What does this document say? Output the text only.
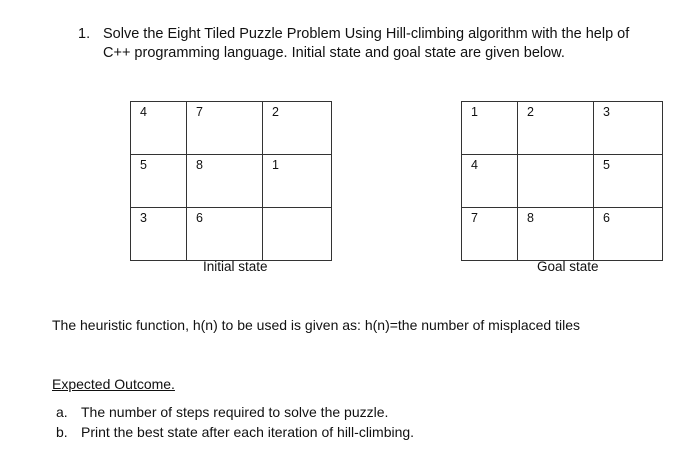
1. Solve the Eight Tiled Puzzle Problem Using Hill-climbing algorithm with the help of
C++ programming language. Initial state and goal state are given below.
4	7	2

5	8	1

3	6	

Initial state
1	2	3

4		5

7	8	6
Goal state
The heuristic function, h(n) to be used is given as: h(n)=the number of misplaced tiles
Expected Outcome.
a. The number of steps required to solve the puzzle.
b. Print the best state after each iteration of hill-climbing.
